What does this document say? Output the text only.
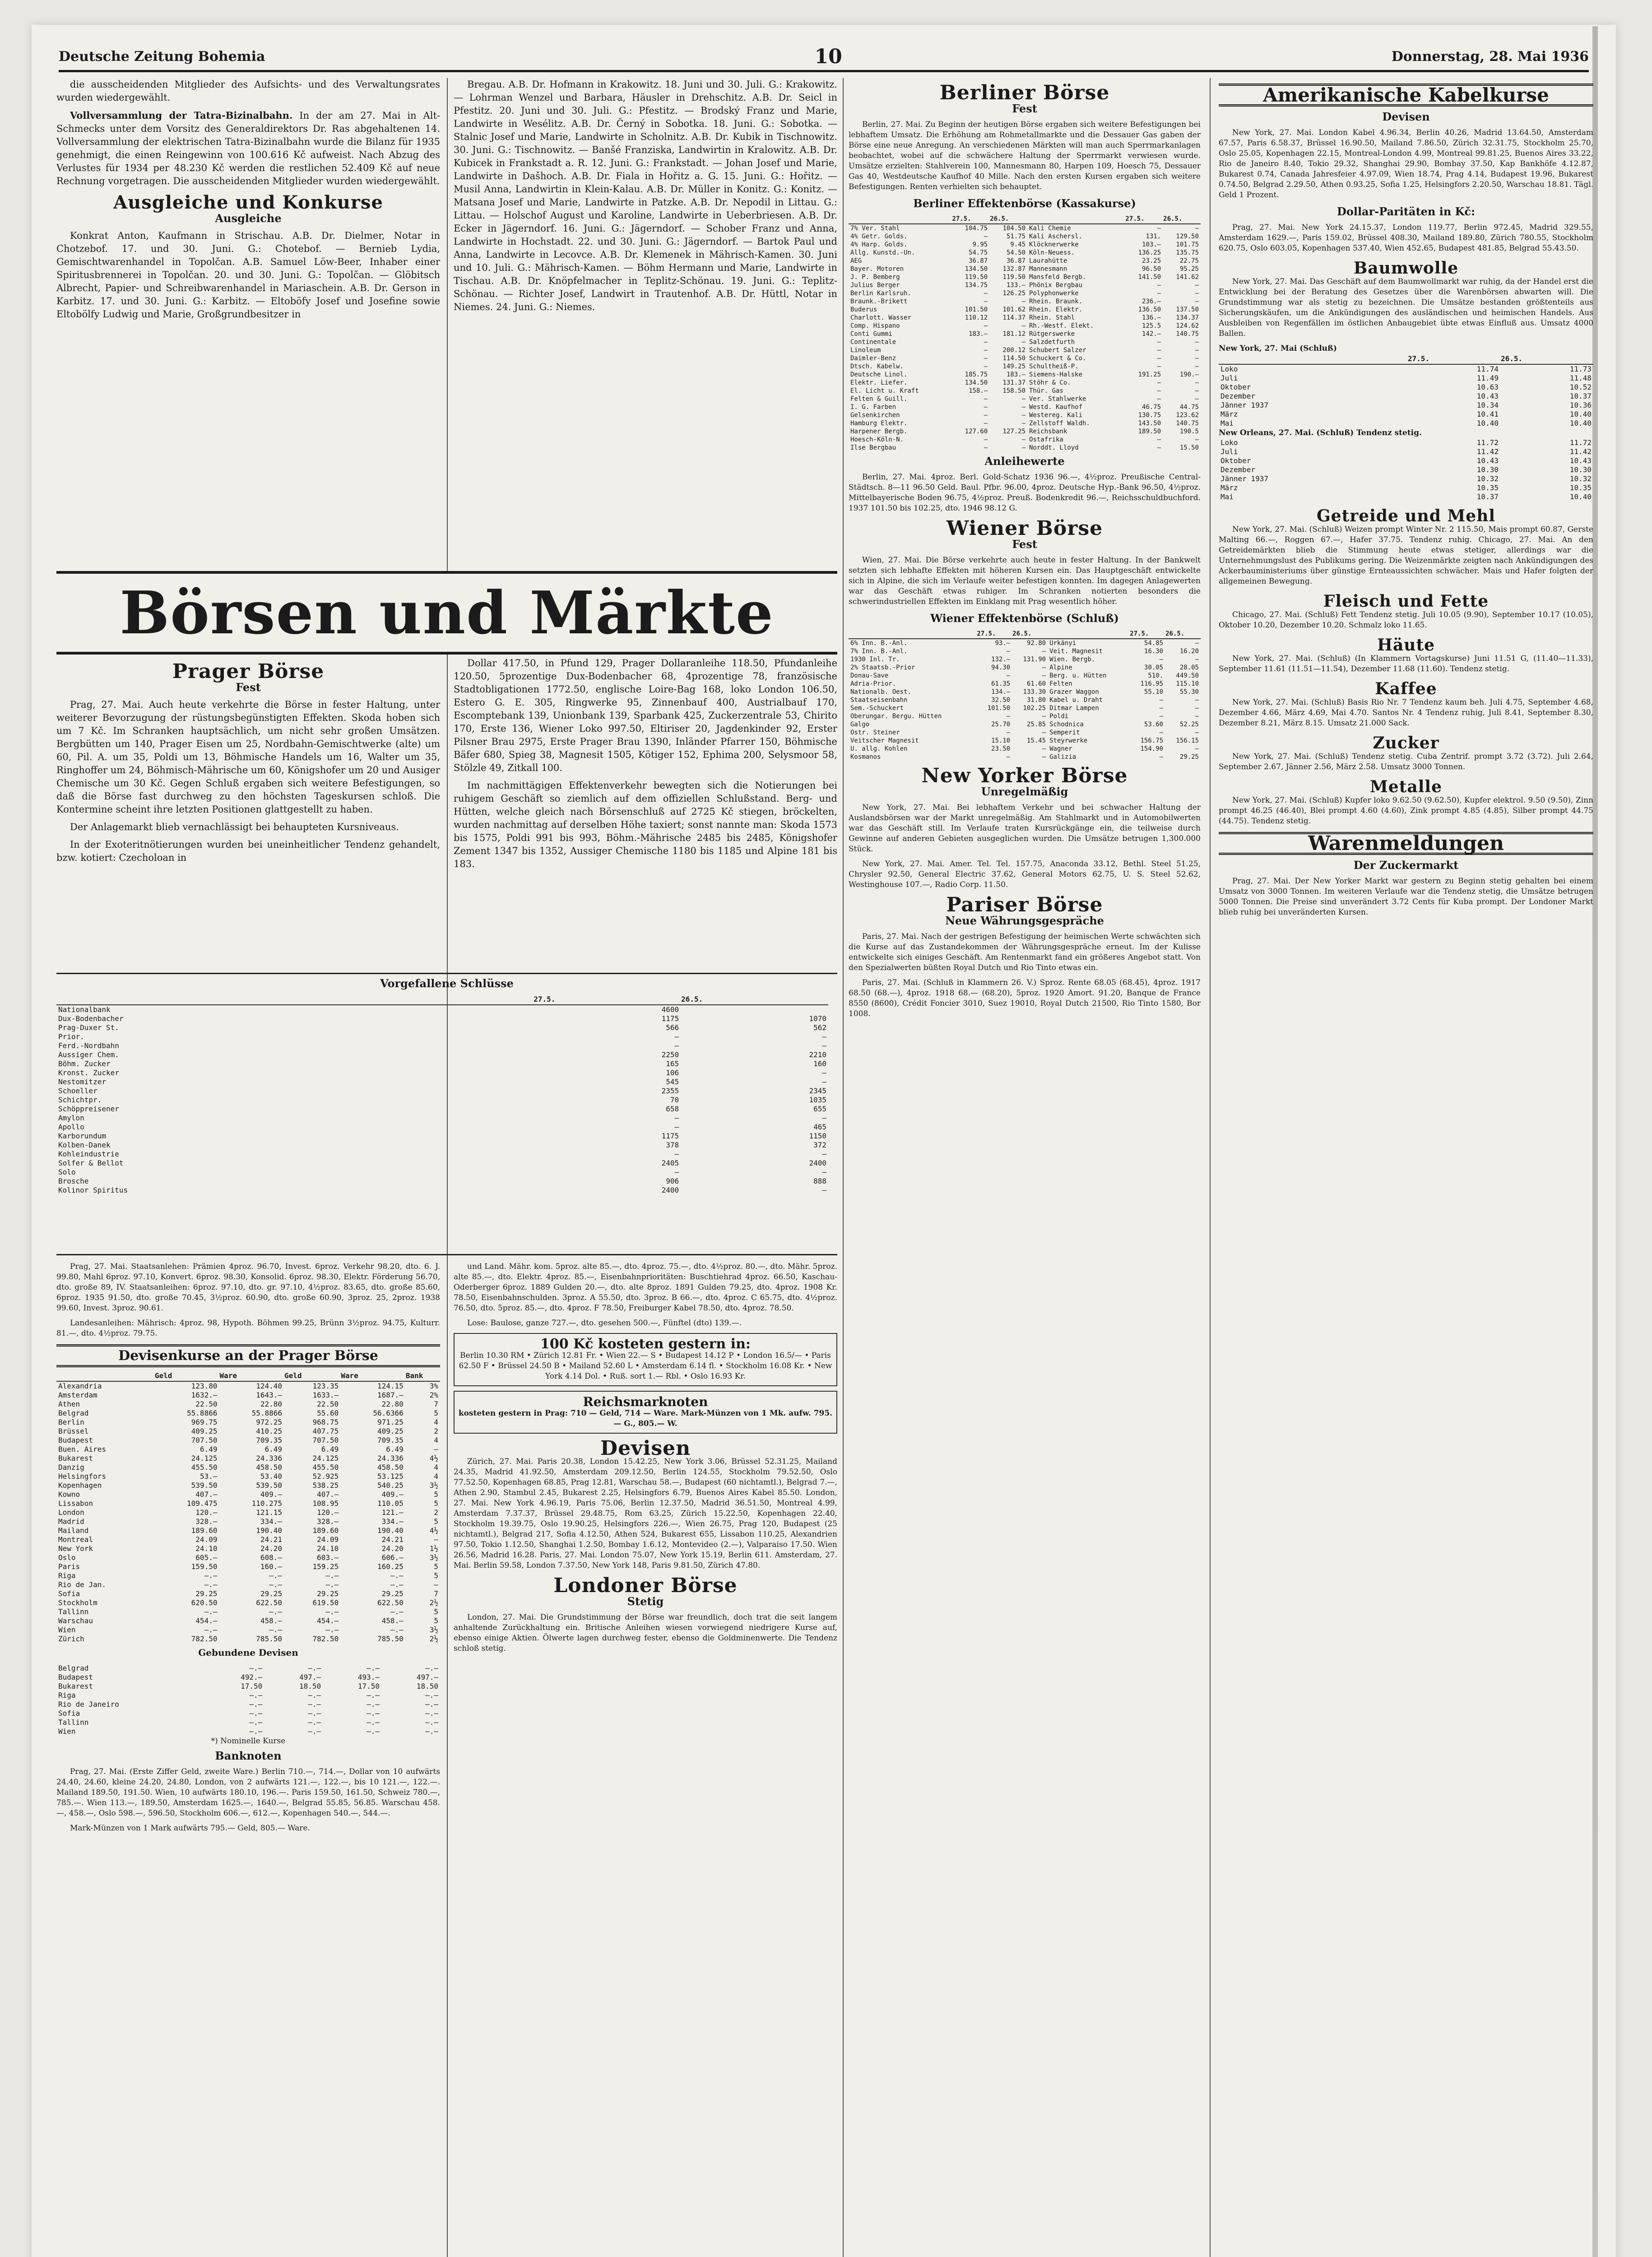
Deutsche Zeitung Bohemia	10	Donnerstag, 28. Mai 1936

die ausscheidenden Mitglieder des Aufsichts- und des Verwaltungsrates wurden wiedergewählt.

Vollversammlung der Tatra-Bizinalbahn. In der am 27. Mai in Alt-Schmecks unter dem Vorsitz des Generaldirektors Dr. Ras abgehaltenen 14. Vollversammlung der elektrischen Tatra-Bizinalbahn wurde die Bilanz für 1935 genehmigt, die einen Reingewinn von 100.616 Kč aufweist. Nach Abzug des Verlustes für 1934 per 48.230 Kč werden die restlichen 52.409 Kč auf neue Rechnung vorgetragen. Die ausscheidenden Mitglieder wurden wiedergewählt.

Ausgleiche und Konkurse
Ausgleiche

Konkrat Anton, Kaufmann in Strischau. A.B. Dr. Dielmer, Notar in Chotzebof. 17. und 30. Juni. G.: Chotebof. — Bernieb Lydia, Gemischtwarenhandel in Topolčan. A.B. Samuel Löw-Beer, Inhaber einer Spiritusbrennerei in Topolčan. 20. und 30. Juni. G.: Topolčan. — Glöbitsch Albrecht, Papier- und Schreibwarenhandel in Mariaschein. A.B. Dr. Gerson in Karbitz. 17. und 30. Juni. G.: Karbitz. — Eltoböfy Josef und Josefine sowie Eltobölfy Ludwig und Marie, Großgrundbesitzer in

Bregau. A.B. Dr. Hofmann in Krakowitz. 18. Juni und 30. Juli. G.: Krakowitz. — Lohrman Wenzel und Barbara, Häusler in Drehschitz. A.B. Dr. Seicl in Pfestitz. 20. Juni und 30. Juli. G.: Pfestitz. — Brodský Franz und Marie, Landwirte in Wesélitz. A.B. Dr. Černý in Sobotka. 18. Juni. G.: Sobotka. — Stalnic Josef und Marie, Landwirte in Scholnitz. A.B. Dr. Kubik in Tischnowitz. 30. Juni. G.: Tischnowitz. — Banšé Franziska, Landwirtin in Kralowitz. A.B. Dr. Kubicek in Frankstadt a. R. 12. Juni. G.: Frankstadt. — Johan Josef und Marie, Landwirte in Dašhoch. A.B. Dr. Fiala in Hořitz a. G. 15. Juni. G.: Hořitz. — Musil Anna, Landwirtin in Klein-Kalau. A.B. Dr. Müller in Konitz. G.: Konitz. — Matsana Josef und Marie, Landwirte in Patzke. A.B. Dr. Nepodil in Littau. G.: Littau. — Holschof August und Karoline, Landwirte in Ueberbriesen. A.B. Dr. Ecker in Jägerndorf. 16. Juni. G.: Jägerndorf. — Schober Franz und Anna, Landwirte in Hochstadt. 22. und 30. Juni. G.: Jägerndorf. — Bartok Paul und Anna, Landwirte in Lecovce. A.B. Dr. Klemenek in Mährisch-Kamen. 30. Juni und 10. Juli. G.: Mährisch-Kamen. — Böhm Hermann und Marie, Landwirte in Tischau. A.B. Dr. Knöpfelmacher in Teplitz-Schönau. 19. Juni. G.: Teplitz-Schönau. — Richter Josef, Landwirt in Trautenhof. A.B. Dr. Hüttl, Notar in Niemes. 24. Juni. G.: Niemes.

Börsen und Märkte
Prager Börse
Fest

Prag, 27. Mai. Auch heute verkehrte die Börse in fester Haltung, unter weiterer Bevorzugung der rüstungsbegünstigten Effekten. Skoda hoben sich um 7 Kč. Im Schranken hauptsächlich, um nicht sehr großen Umsätzen. Bergbütten um 140, Prager Eisen um 25, Nordbahn-Gemischtwerke (alte) um 60, Pil. A. um 35, Poldi um 13, Böhmische Handels um 16, Walter um 35, Ringhoffer um 24, Böhmisch-Mährische um 60, Königshofer um 20 und Ausiger Chemische um 30 Kč. Gegen Schluß ergaben sich weitere Befestigungen, so daß die Börse fast durchweg zu den höchsten Tageskursen schloß. Die Kontermine scheint ihre letzten Positionen glattgestellt zu haben.

Der Anlagemarkt blieb vernachlässigt bei behaupteten Kursniveaus.

In der Exoteritnötierungen wurden bei uneinheitlicher Tendenz gehandelt, bzw. kotiert: Czecholoan in

Dollar 417.50, in Pfund 129, Prager Dollaranleihe 118.50, Pfundanleihe 120.50, 5prozentige Dux-Bodenbacher 68, 4prozentige 78, französische Stadtobligationen 1772.50, englische Loire-Bag 168, loko London 106.50, Estero G. E. 305, Ringwerke 95, Zinnenbauf 400, Austrialbauf 170, Escomptebank 139, Unionbank 139, Sparbank 425, Zuckerzentrale 53, Chirito 170, Erste 136, Wiener Loko 997.50, Eltiriser 20, Jagdenkinder 92, Erster Pilsner Brau 2975, Erste Prager Brau 1390, Inländer Pfarrer 150, Böhmische Bäfer 680, Spieg 38, Magnesit 1505, Kötiger 152, Ephima 200, Selysmoor 58, Stölzle 49, Zitkall 100.

Im nachmittägigen Effektenverkehr bewegten sich die Notierungen bei ruhigem Geschäft so ziemlich auf dem offiziellen Schlußstand. Berg- und Hütten, welche gleich nach Börsenschluß auf 2725 Kč stiegen, bröckelten, wurden nachmittag auf derselben Höhe taxiert; sonst nannte man: Skoda 1573 bis 1575, Poldi 991 bis 993, Böhm.-Mährische 2485 bis 2485, Königshofer Zement 1347 bis 1352, Aussiger Chemische 1180 bis 1185 und Alpine 181 bis 183.

Vorgefallene Schlüsse
	27.5.	26.5.
Nationalbank	4600	
Dux-Bodenbacher	1175	1070
Prag-Duxer St.	566	562
Prior.	—	—
Ferd.-Nordbahn	—	—
Aussiger Chem.	2250	2210
Böhm. Zucker	165	160
Kronst. Zucker	106	—
Nestomitzer	545	—
Schoeller	2355	2345
Schichtpr.	70	1035
Schöppreisener	658	655
Amylon	—	—
Apollo	—	465
Karborundum	1175	1150
Kolben-Danek	378	372
Kohleindustrie	—	—
Solfer & Bellot	2405	2400
Solo	—	—
Brosche	906	888
Kolinor Spiritus	2400	—

Prag, 27. Mai. Staatsanlehen: Prämien 4proz. 96.70, Invest. 6proz. Verkehr 98.20, dto. 6. J. 99.80, Mahl 6proz. 97.10, Konvert. 6proz. 98.30, Konsolid. 6proz. 98.30, Elektr. Förderung 56.70, dto. große 89, IV. Staatsanleihen: 6proz. 97.10, dto. gr. 97.10, 4½proz. 83.65, dto. große 85.60, 6proz. 1935 91.50, dto. große 70.45, 3½proz. 60.90, dto. große 60.90, 3proz. 25, 2proz. 1938 99.60, Invest. 3proz. 90.61.

Landesanleihen: Mährisch: 4proz. 98, Hypoth. Böhmen 99.25, Brünn 3½proz. 94.75, Kulturr. 81.—, dto. 4½proz. 79.75.

Devisenkurse an der Prager Börse
	Geld	Ware	Geld	Ware	Bank
Alexandria	123.80	124.40	123.35	124.15	3%
Amsterdam	1632.—	1643.—	1633.—	1687.—	2%
Athen	22.50	22.80	22.50	22.80	7
Belgrad	55.8866	55.8866	55.60	56.6366	5
Berlin	969.75	972.25	968.75	971.25	4
Brüssel	409.25	410.25	407.75	409.25	2
Budapest	707.50	709.35	707.50	709.35	4
Buen. Aires	6.49	6.49	6.49	6.49	—
Bukarest	24.125	24.336	24.125	24.336	4½
Danzig	455.50	458.50	455.50	458.50	4
Helsingfors	53.—	53.40	52.925	53.125	4
Kopenhagen	539.50	539.50	538.25	540.25	3½
Kowno	407.—	409.—	407.—	409.—	5
Lissabon	109.475	110.275	108.95	110.05	5
London	120.—	121.15	120.—	121.—	2
Madrid	328.—	334.—	328.—	334.—	5
Mailand	189.60	190.40	189.60	190.40	4½
Montreal	24.09	24.21	24.09	24.21	—
New York	24.10	24.20	24.10	24.20	1½
Oslo	605.—	608.—	603.—	606.—	3½
Paris	159.50	160.—	159.25	160.25	5
Riga	—.—	—.—	—.—	—.—	5
Rio de Jan.	—.—	—.—	—.—	—.—	—
Sofia	29.25	29.25	29.25	29.25	7
Stockholm	620.50	622.50	619.50	622.50	2½
Tallinn	—.—	—.—	—.—	—.—	5
Warschau	454.—	458.—	454.—	458.—	5
Wien	—.—	—.—	—.—	—.—	3½
Zürich	782.50	785.50	782.50	785.50	2½
Gebundene Devisen
Belgrad	—.—	—.—	—.—	—.—
Budapest	492.—	497.—	493.—	497.—
Bukarest	17.50	18.50	17.50	18.50
Riga	—.—	—.—	—.—	—.—
Rio de Janeiro	—.—	—.—	—.—	—.—
Sofia	—.—	—.—	—.—	—.—
Tallinn	—.—	—.—	—.—	—.—
Wien	—.—	—.—	—.—	—.—
*) Nominelle Kurse
Banknoten

Prag, 27. Mai. (Erste Ziffer Geld, zweite Ware.) Berlin 710.—, 714.—, Dollar von 10 aufwärts 24.40, 24.60, kleine 24.20, 24.80, London, von 2 aufwärts 121.—, 122.—, bis 10 121.—, 122.—. Mailand 189.50, 191.50. Wien, 10 aufwärts 180.10, 196.—. Paris 159.50, 161.50, Schweiz 780.—, 785.—. Wien 113.—, 189.50, Amsterdam 1625.—, 1640.—, Belgrad 55.85, 56.85. Warschau 458.—, 458.—, Oslo 598.—, 596.50, Stockholm 606.—, 612.—, Kopenhagen 540.—, 544.—.

Mark-Münzen von 1 Mark aufwärts 795.— Geld, 805.— Ware.

und Land. Mähr. kom. 5proz. alte 85.—, dto. 4proz. 75.—, dto. 4½proz. 80.—, dto. Mähr. 5proz. alte 85.—, dto. Elektr. 4proz. 85.—, Eisenbahnprioritäten: Buschtiehrad 4proz. 66.50, Kaschau-Oderberger 6proz. 1889 Gulden 20.—, dto. alte 8proz. 1891 Gulden 79.25, dto. 4proz. 1908 Kr. 78.50, Eisenbahnschulden. 3proz. A 55.50, dto. 3proz. B 66.—, dto. 4proz. C 65.75, dto. 4½proz. 76.50, dto. 5proz. 85.—, dto. 4proz. F 78.50, Freiburger Kabel 78.50, dto. 4proz. 78.50.

Lose: Baulose, ganze 727.—, dto. gesehen 500.—, Fünftel (dto) 139.—.

100 Kč kosteten gestern in:
Berlin 10.30 RM • Zürich 12.81 Fr. • Wien 22.— S • Budapest 14.12 P • London 16.5/— • Paris 62.50 F • Brüssel 24.50 B • Mailand 52.60 L • Amsterdam 6.14 fl. • Stockholm 16.08 Kr. • New York 4.14 Dol. • Ruß. sort 1.— Rbl. • Oslo 16.93 Kr.
Reichsmarknoten
kosteten gestern in Prag: 710 — Geld, 714 — Ware. Mark-Münzen von 1 Mk. aufw. 795.— G., 805.— W.
Devisen

Zürich, 27. Mai. Paris 20.38, London 15.42.25, New York 3.06, Brüssel 52.31.25, Mailand 24.35, Madrid 41.92.50, Amsterdam 209.12.50, Berlin 124.55, Stockholm 79.52.50, Oslo 77.52.50, Kopenhagen 68.85, Prag 12.81, Warschau 58.—, Budapest (60 nichtamtl.), Belgrad 7.—, Athen 2.90, Stambul 2.45, Bukarest 2.25, Helsingfors 6.79, Buenos Aires Kabel 85.50. London, 27. Mai. New York 4.96.19, Paris 75.06, Berlin 12.37.50, Madrid 36.51.50, Montreal 4.99, Amsterdam 7.37.37, Brüssel 29.48.75, Rom 63.25, Zürich 15.22.50, Kopenhagen 22.40, Stockholm 19.39.75, Oslo 19.90.25, Helsingfors 226.—, Wien 26.75, Prag 120, Budapest (25 nichtamtl.), Belgrad 217, Sofia 4.12.50, Athen 524, Bukarest 655, Lissabon 110.25, Alexandrien 97.50, Tokio 1.12.50, Shanghai 1.2.50, Bombay 1.6.12, Montevideo (2.—), Valparaiso 17.50. Wien 26.56, Madrid 16.28. Paris, 27. Mai. London 75.07, New York 15.19, Berlin 611. Amsterdam, 27. Mai. Berlin 59.58, London 7.37.50, New York 148, Paris 9.81.50, Zürich 47.80.

Londoner Börse
Stetig

London, 27. Mai. Die Grundstimmung der Börse war freundlich, doch trat die seit langem anhaltende Zurückhaltung ein. Britische Anleihen wiesen vorwiegend niedrigere Kurse auf, ebenso einige Aktien. Ölwerte lagen durchweg fester, ebenso die Goldminenwerte. Die Tendenz schloß stetig.

Berliner Börse
Fest

Berlin, 27. Mai. Zu Beginn der heutigen Börse ergaben sich weitere Befestigungen bei lebhaftem Umsatz. Die Erhöhung am Rohmetallmarkte und die Dessauer Gas gaben der Börse eine neue Anregung. An verschiedenen Märkten will man auch Sperrmarkanlagen beobachtet, wobei auf die schwächere Haltung der Sperrmarkt verwiesen wurde. Umsätze erzielten: Stahlverein 100, Mannesmann 80, Harpen 109, Hoesch 75, Dessauer Gas 40, Westdeutsche Kaufhof 40 Mille. Nach den ersten Kursen ergaben sich weitere Befestigungen. Renten verhielten sich behauptet.

Berliner Effektenbörse (Kassakurse)
	27.5.	26.5.		27.5.	26.5.
7% Ver. Stahl	104.75	104.50	Kali Chemie	—	—
4% Getr. Golds.	—	51.75	Kali Aschersl.	131.	129.50
4% Harp. Golds.	9.95	9.45	Klöcknerwerke	103.—	101.75
Allg. Kunstd.-Un.	54.75	54.50	Köln-Neuess.	136.25	135.75
AEG	36.87	36.87	Laurahütte	23.25	22.75
Bayer. Motoren	134.50	132.87	Mannesmann	96.50	95.25
J. P. Bemberg	119.50	119.50	Mansfeld Bergb.	141.50	141.62
Julius Berger	134.75	133.—	Phönix Bergbau	—	—
Berlin Karlsruh.	—	126.25	Polyphonwerke	—	—
Braunk.-Brikett	—	—	Rhein. Braunk.	236.—	—
Buderus	101.50	101.62	Rhein. Elektr.	136.50	137.50
Charlott. Wasser	110.12	114.37	Rhein. Stahl	136.—	134.37
Comp. Hispano	—	—	Rh.-Westf. Elekt.	125.5	124.62
Conti Gummi	183.—	181.12	Rütgerswerke	142.—	140.75
Continentale	—	—	Salzdetfurth	—	—
Linoleum	—	200.12	Schubert Salzer	—	—
Daimler-Benz	—	114.50	Schuckert & Co.	—	—
Dtsch. Kabelw.	—	149.25	Schultheiß-P.	—	—
Deutsche Linol.	185.75	183.—	Siemens-Halske	191.25	190.—
Elektr. Liefer.	134.50	131.37	Stöhr & Co.	—	—
El. Licht u. Kraft	158.—	158.50	Thür. Gas	—	—
Felten & Guill.	—	—	Ver. Stahlwerke	—	—
I. G. Farben	—	—	Westd. Kaufhof	46.75	44.75
Gelsenkirchen	—	—	Westereg. Kali	130.75	123.62
Hamburg Elektr.	—	—	Zellstoff Waldh.	143.50	140.75
Harpener Bergb.	127.60	127.25	Reichsbank	189.50	190.5
Hoesch-Köln-N.	—	—	Ostafrika	—	—
Ilse Bergbau	—	—	Norddt. Lloyd	—	15.50
Anleihewerte

Berlin, 27. Mai. 4proz. Berl. Gold-Schatz 1936 96.—, 4½proz. Preußische Central-Städtsch. 8—11 96.50 Geld. Baul. Pfbr. 96.00, 4proz. Deutsche Hyp.-Bank 96.50, 4½proz. Mittelbayerische Boden 96.75, 4½proz. Preuß. Bodenkredit 96.—, Reichsschuldbuchford. 1937 101.50 bis 102.25, dto. 1946 98.12 G.

Wiener Börse
Fest

Wien, 27. Mai. Die Börse verkehrte auch heute in fester Haltung. In der Bankwelt setzten sich lebhafte Effekten mit höheren Kursen ein. Das Hauptgeschäft entwickelte sich in Alpine, die sich im Verlaufe weiter befestigen konnten. Im dagegen Anlagewerten war das Geschäft etwas ruhiger. Im Schranken notierten besonders die schwerindustriellen Effekten im Einklang mit Prag wesentlich höher.

Wiener Effektenbörse (Schluß)
	27.5.	26.5.		27.5.	26.5.
6% Inn. B.-Anl.	93.—	92.80	Urkänyi	54.85	—
7% Inn. B.-Anl.	—	—	Veit. Magnesit	16.30	16.20
1930 Inl. Tr.	132.—	131.90	Wien. Bergb.	—	—
2% Staatsb.-Prior	94.30	—	Alpine	30.05	28.05
Donau-Save	—	—	Berg. u. Hütten	510.	449.50
Adria-Prior.	61.35	61.60	Felten	116.95	115.10
Nationalb. Oest.	134.—	133.30	Grazer Waggon	55.10	55.30
Staatseisenbahn	32.50	31.80	Kabel u. Draht	—	—
Sem.-Schuckert	101.50	102.25	Ditmar Lampen	—	—
Oberungar. Bergu. Hütten	—	—	Poldi	—	—
Galgo	25.70	25.85	Schodnica	53.60	52.25
Ostr. Steiner	—	—	Semperit	—	—
Veitscher Magnesit	15.10	15.45	Steyrwerke	156.75	156.15
U. allg. Kohlen	23.50	—	Wagner	154.90	—
Kosmanos	—	—	Galizia	—	29.25
New Yorker Börse
Unregelmäßig

New York, 27. Mai. Bei lebhaftem Verkehr und bei schwacher Haltung der Auslandsbörsen war der Markt unregelmäßig. Am Stahlmarkt und in Automobilwerten war das Geschäft still. Im Verlaufe traten Kursrückgänge ein, die teilweise durch Gewinne auf anderen Gebieten ausgeglichen wurden. Die Umsätze betrugen 1,300.000 Stück.

New York, 27. Mai. Amer. Tel. Tel. 157.75, Anaconda 33.12, Bethl. Steel 51.25, Chrysler 92.50, General Electric 37.62, General Motors 62.75, U. S. Steel 52.62, Westinghouse 107.—, Radio Corp. 11.50.

Pariser Börse
Neue Währungsgespräche

Paris, 27. Mai. Nach der gestrigen Befestigung der heimischen Werte schwächten sich die Kurse auf das Zustandekommen der Währungsgespräche erneut. Im der Kulisse entwickelte sich einiges Geschäft. Am Rentenmarkt fand ein größeres Angebot statt. Von den Spezialwerten büßten Royal Dutch und Rio Tinto etwas ein.

Paris, 27. Mai. (Schluß in Klammern 26. V.) Sproz. Rente 68.05 (68.45), 4proz. 1917 68.50 (68.—), 4proz. 1918 68.— (68.20), 5proz. 1920 Amort. 91.20, Banque de France 8550 (8600), Crédit Foncier 3010, Suez 19010, Royal Dutch 21500, Rio Tinto 1580, Bor 1008.

Amerikanische Kabelkurse
Devisen

New York, 27. Mai. London Kabel 4.96.34, Berlin 40.26, Madrid 13.64.50, Amsterdam 67.57, Paris 6.58.37, Brüssel 16.90.50, Mailand 7.86.50, Zürich 32.31.75, Stockholm 25.70, Oslo 25.05, Kopenhagen 22.15, Montreal-London 4.99, Montreal 99.81.25, Buenos Aires 33.22, Rio de Janeiro 8.40, Tokio 29.32, Shanghai 29.90, Bombay 37.50, Kap Bankhöfe 4.12.87, Bukarest 0.74, Canada Jahresfeier 4.97.09, Wien 18.74, Prag 4.14, Budapest 19.96, Bukarest 0.74.50, Belgrad 2.29.50, Athen 0.93.25, Sofia 1.25, Helsingfors 2.20.50, Warschau 18.81. Tägl. Geld 1 Prozent.

Dollar-Paritäten in Kč:

Prag, 27. Mai. New York 24.15.37, London 119.77, Berlin 972.45, Madrid 329.55, Amsterdam 1629.—, Paris 159.02, Brüssel 408.30, Mailand 189.80, Zürich 780.55, Stockholm 620.75, Oslo 603.05, Kopenhagen 537.40, Wien 452.65, Budapest 481.85, Belgrad 55.43.50.

Baumwolle

New York, 27. Mai. Das Geschäft auf dem Baumwollmarkt war ruhig, da der Handel erst die Entwicklung bei der Beratung des Gesetzes über die Warenbörsen abwarten will. Die Grundstimmung war als stetig zu bezeichnen. Die Umsätze bestanden größtenteils aus Sicherungskäufen, um die Ankündigungen des ausländischen und heimischen Handels. Aus Ausbleiben von Regenfällen im östlichen Anbaugebiet übte etwas Einfluß aus. Umsatz 4000 Ballen.

New York, 27. Mai (Schluß)
	27.5.	26.5.
Loko	11.74	11.73
Juli	11.49	11.48
Oktober	10.63	10.52
Dezember	10.43	10.37
Jänner 1937	10.34	10.36
März	10.41	10.40
Mai	10.40	10.40
New Orleans, 27. Mai. (Schluß) Tendenz stetig.
Loko	11.72	11.72
Juli	11.42	11.42
Oktober	10.43	10.43
Dezember	10.30	10.30
Jänner 1937	10.32	10.32
März	10.35	10.35
Mai	10.37	10.40
Getreide und Mehl

New York, 27. Mai. (Schluß) Weizen prompt Winter Nr. 2 115.50, Mais prompt 60.87, Gerste Malting 66.—, Roggen 67.—, Hafer 37.75. Tendenz ruhig. Chicago, 27. Mai. An den Getreidemärkten blieb die Stimmung heute etwas stetiger, allerdings war die Unternehmungslust des Publikums gering. Die Weizenmärkte zeigten nach Ankündigungen des Ackerbauministeriums über günstige Ernteaussichten schwächer. Mais und Hafer folgten der allgemeinen Bewegung.

Fleisch und Fette

Chicago, 27. Mai. (Schluß) Fett Tendenz stetig. Juli 10.05 (9.90), September 10.17 (10.05), Oktober 10.20, Dezember 10.20. Schmalz loko 11.65.

Häute

New York, 27. Mai. (Schluß) (In Klammern Vortagskurse) Juni 11.51 G, (11.40—11.33), September 11.61 (11.51—11.54), Dezember 11.68 (11.60). Tendenz stetig.

Kaffee

New York, 27. Mai. (Schluß) Basis Rio Nr. 7 Tendenz kaum beh. Juli 4.75, September 4.68, Dezember 4.66, März 4.69, Mai 4.70. Santos Nr. 4 Tendenz ruhig, Juli 8.41, September 8.30, Dezember 8.21, März 8.15. Umsatz 21.000 Sack.

Zucker

New York, 27. Mai. (Schluß) Tendenz stetig. Cuba Zentrif. prompt 3.72 (3.72). Juli 2.64, September 2.67, Jänner 2.56, März 2.58. Umsatz 3000 Tonnen.

Metalle

New York, 27. Mai. (Schluß) Kupfer loko 9.62.50 (9.62.50), Kupfer elektrol. 9.50 (9.50), Zinn prompt 46.25 (46.40), Blei prompt 4.60 (4.60), Zink prompt 4.85 (4.85), Silber prompt 44.75 (44.75). Tendenz stetig.

Warenmeldungen
Der Zuckermarkt

Prag, 27. Mai. Der New Yorker Markt war gestern zu Beginn stetig gehalten bei einem Umsatz von 3000 Tonnen. Im weiteren Verlaufe war die Tendenz stetig, die Umsätze betrugen 5000 Tonnen. Die Preise sind unverändert 3.72 Cents für Kuba prompt. Der Londoner Markt blieb ruhig bei unveränderten Kursen.
